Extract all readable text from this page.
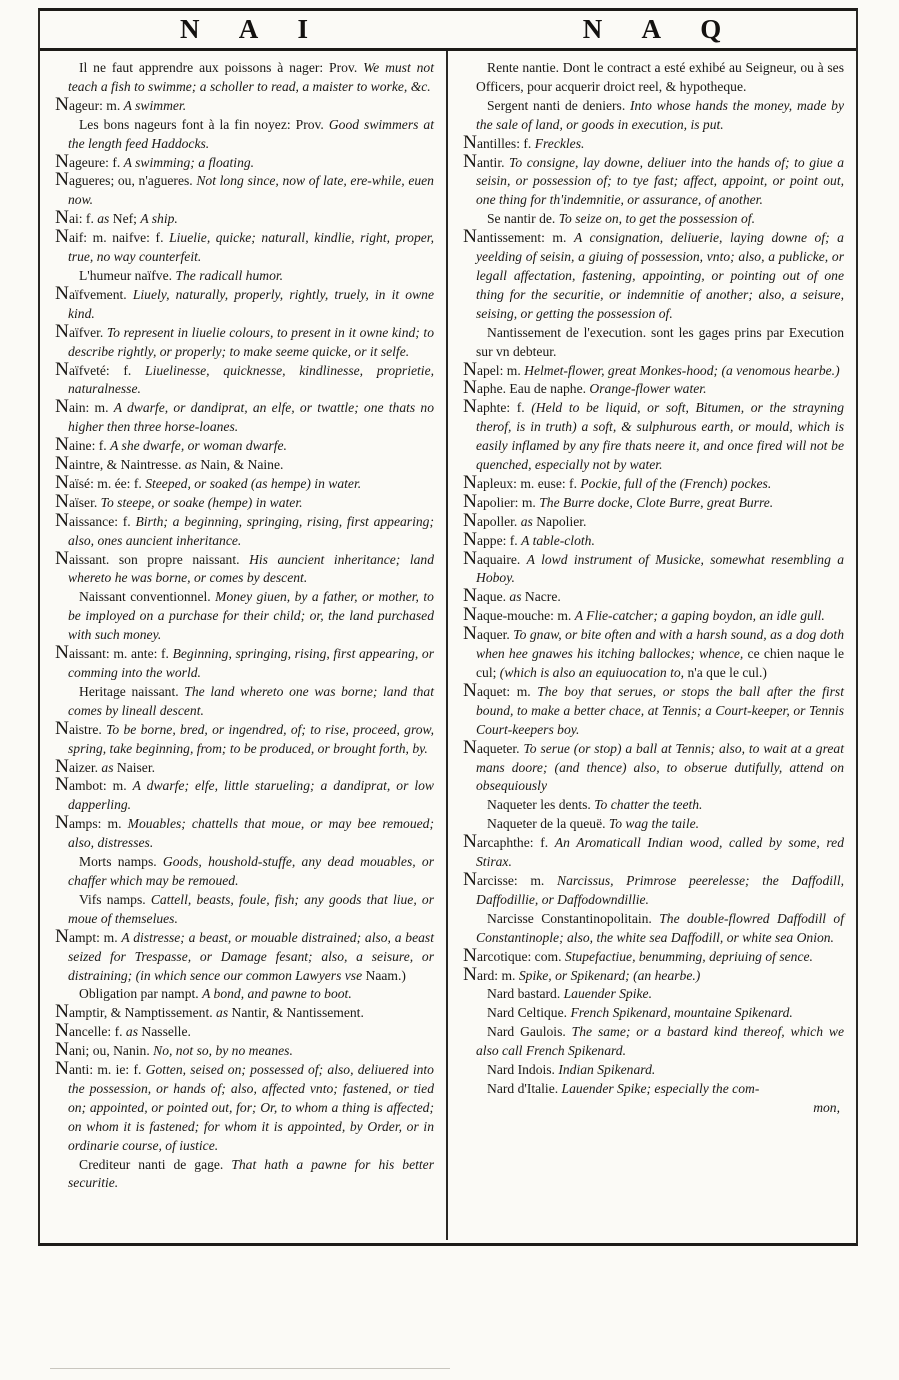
N A I	N A Q

Il ne faut apprendre aux poissons à nager: Prov. We must not teach a fish to swimme; a scholler to read, a maister to worke, &c.

Nageur: m. A swimmer.

Les bons nageurs font à la fin noyez: Prov. Good swimmers at the length feed Haddocks.

Nageure: f. A swimming; a floating.

Nagueres; ou, n'agueres. Not long since, now of late, ere-while, euen now.

Nai: f. as Nef; A ship.

Naif: m. naifve: f. Liuelie, quicke; naturall, kindlie, right, proper, true, no way counterfeit.

L'humeur naïfve. The radicall humor.

Naïfvement. Liuely, naturally, properly, rightly, truely, in it owne kind.

Naïfver. To represent in liuelie colours, to present in it owne kind; to describe rightly, or properly; to make seeme quicke, or it selfe.

Naïfveté: f. Liuelinesse, quicknesse, kindlinesse, proprietie, naturalnesse.

Nain: m. A dwarfe, or dandiprat, an elfe, or twattle; one thats no higher then three horse-loanes.

Naine: f. A she dwarfe, or woman dwarfe.

Naintre, & Naintresse. as Nain, & Naine.

Naïsé: m. ée: f. Steeped, or soaked (as hempe) in water.

Naïser. To steepe, or soake (hempe) in water.

Naissance: f. Birth; a beginning, springing, rising, first appearing; also, ones auncient inheritance.

Naissant. son propre naissant. His auncient inheritance; land whereto he was borne, or comes by descent.

Naissant conventionnel. Money giuen, by a father, or mother, to be imployed on a purchase for their child; or, the land purchased with such money.

Naissant: m. ante: f. Beginning, springing, rising, first appearing, or comming into the world.

Heritage naissant. The land whereto one was borne; land that comes by lineall descent.

Naistre. To be borne, bred, or ingendred, of; to rise, proceed, grow, spring, take beginning, from; to be produced, or brought forth, by.

Naizer. as Naiser.

Nambot: m. A dwarfe; elfe, little starueling; a dandiprat, or low dapperling.

Namps: m. Mouables; chattells that moue, or may bee remoued; also, distresses.

Morts namps. Goods, houshold-stuffe, any dead mouables, or chaffer which may be remoued.

Vifs namps. Cattell, beasts, foule, fish; any goods that liue, or moue of themselues.

Nampt: m. A distresse; a beast, or mouable distrained; also, a beast seized for Trespasse, or Damage fesant; also, a seisure, or distraining; (in which sence our common Lawyers vse Naam.)

Obligation par nampt. A bond, and pawne to boot.

Namptir, & Namptissement. as Nantir, & Nantissement.

Nancelle: f. as Nasselle.

Nani; ou, Nanin. No, not so, by no meanes.

Nanti: m. ie: f. Gotten, seised on; possessed of; also, deliuered into the possession, or hands of; also, affected vnto; fastened, or tied on; appointed, or pointed out, for; Or, to whom a thing is affected; on whom it is fastened; for whom it is appointed, by Order, or in ordinarie course, of iustice.

Crediteur nanti de gage. That hath a pawne for his better securitie.

Rente nantie. Dont le contract a esté exhibé au Seigneur, ou à ses Officers, pour acquerir droict reel, & hypotheque.

Sergent nanti de deniers. Into whose hands the money, made by the sale of land, or goods in execution, is put.

Nantilles: f. Freckles.

Nantir. To consigne, lay downe, deliuer into the hands of; to giue a seisin, or possession of; to tye fast; affect, appoint, or point out, one thing for th'indemnitie, or assurance, of another.

Se nantir de. To seize on, to get the possession of.

Nantissement: m. A consignation, deliuerie, laying downe of; a yeelding of seisin, a giuing of possession, vnto; also, a publicke, or legall affectation, fastening, appointing, or pointing out of one thing for the securitie, or indemnitie of another; also, a seisure, seising, or getting the possession of.

Nantissement de l'execution. sont les gages prins par Execution sur vn debteur.

Napel: m. Helmet-flower, great Monkes-hood; (a venomous hearbe.)

Naphe. Eau de naphe. Orange-flower water.

Naphte: f. (Held to be liquid, or soft, Bitumen, or the strayning therof, is in truth) a soft, & sulphurous earth, or mould, which is easily inflamed by any fire thats neere it, and once fired will not be quenched, especially not by water.

Napleux: m. euse: f. Pockie, full of the (French) pockes.

Napolier: m. The Burre docke, Clote Burre, great Burre.

Napoller. as Napolier.

Nappe: f. A table-cloth.

Naquaire. A lowd instrument of Musicke, somewhat resembling a Hoboy.

Naque. as Nacre.

Naque-mouche: m. A Flie-catcher; a gaping boydon, an idle gull.

Naquer. To gnaw, or bite often and with a harsh sound, as a dog doth when hee gnawes his itching ballockes; whence, ce chien naque le cul; (which is also an equiuocation to, n'a que le cul.)

Naquet: m. The boy that serues, or stops the ball after the first bound, to make a better chace, at Tennis; a Court-keeper, or Tennis Court-keepers boy.

Naqueter. To serue (or stop) a ball at Tennis; also, to wait at a great mans doore; (and thence) also, to obserue dutifully, attend on obsequiously

Naqueter les dents. To chatter the teeth.

Naqueter de la queuë. To wag the taile.

Narcaphthe: f. An Aromaticall Indian wood, called by some, red Stirax.

Narcisse: m. Narcissus, Primrose peerelesse; the Daffodill, Daffodillie, or Daffodowndillie.

Narcisse Constantinopolitain. The double-flowred Daffodill of Constantinople; also, the white sea Daffodill, or white sea Onion.

Narcotique: com. Stupefactiue, benumming, depriuing of sence.

Nard: m. Spike, or Spikenard; (an hearbe.)

Nard bastard. Lauender Spike.

Nard Celtique. French Spikenard, mountaine Spikenard.

Nard Gaulois. The same; or a bastard kind thereof, which we also call French Spikenard.

Nard Indois. Indian Spikenard.

Nard d'Italie. Lauender Spike; especially the com-

mon,
